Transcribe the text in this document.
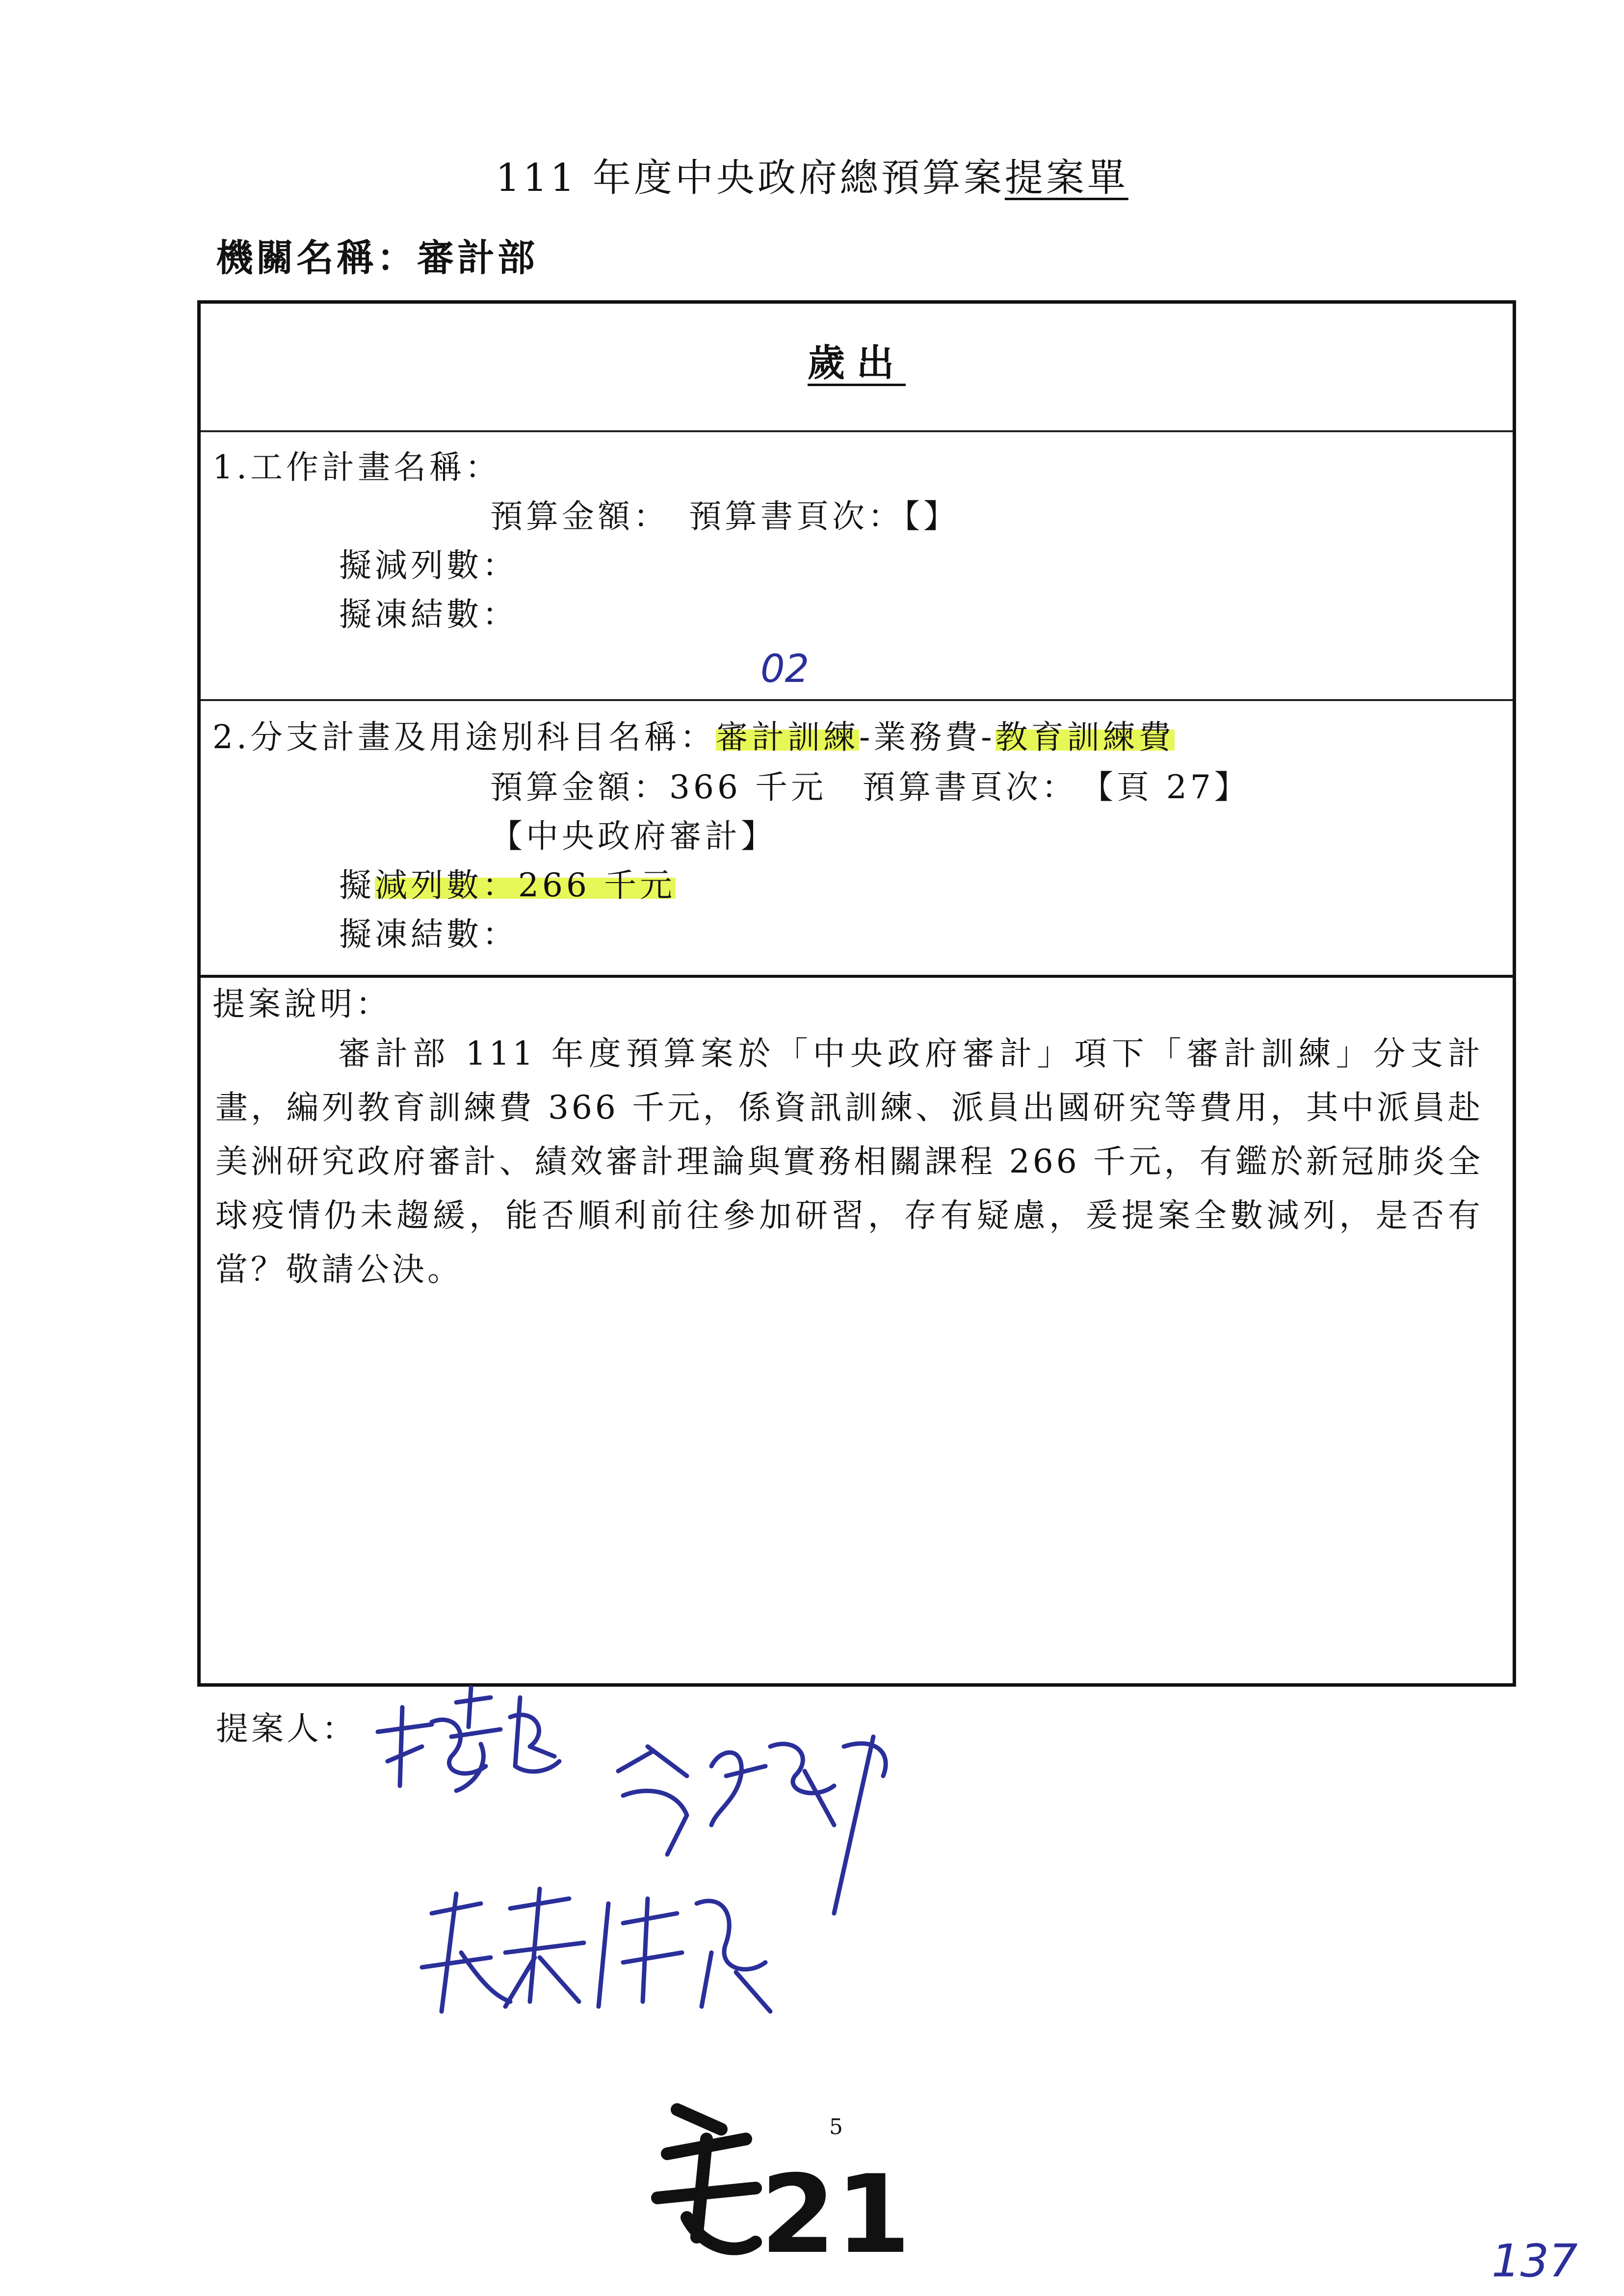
111 年度中央政府總預算案提案單
機關名稱：審計部
歲出
1.工作計畫名稱：
預算金額：　預算書頁次：【】
擬減列數：
擬凍結數：
2.分支計畫及用途別科目名稱：審計訓練-業務費-教育訓練費
預算金額：366 千元　預算書頁次：　【頁 27】
【中央政府審計】
擬減列數：266 千元
擬凍結數：
提案說明：
審計部 111 年度預算案於「中央政府審計」項下「審計訓練」分支計畫，編列教育訓練費 366 千元，係資訊訓練、派員出國研究等費用，其中派員赴美洲研究政府審計、績效審計理論與實務相關課程 266 千元，有鑑於新冠肺炎全球疫情仍未趨緩，能否順利前往參加研習，存有疑慮，爰提案全數減列，是否有當？敬請公決。
提案人：
5
02
21	137
